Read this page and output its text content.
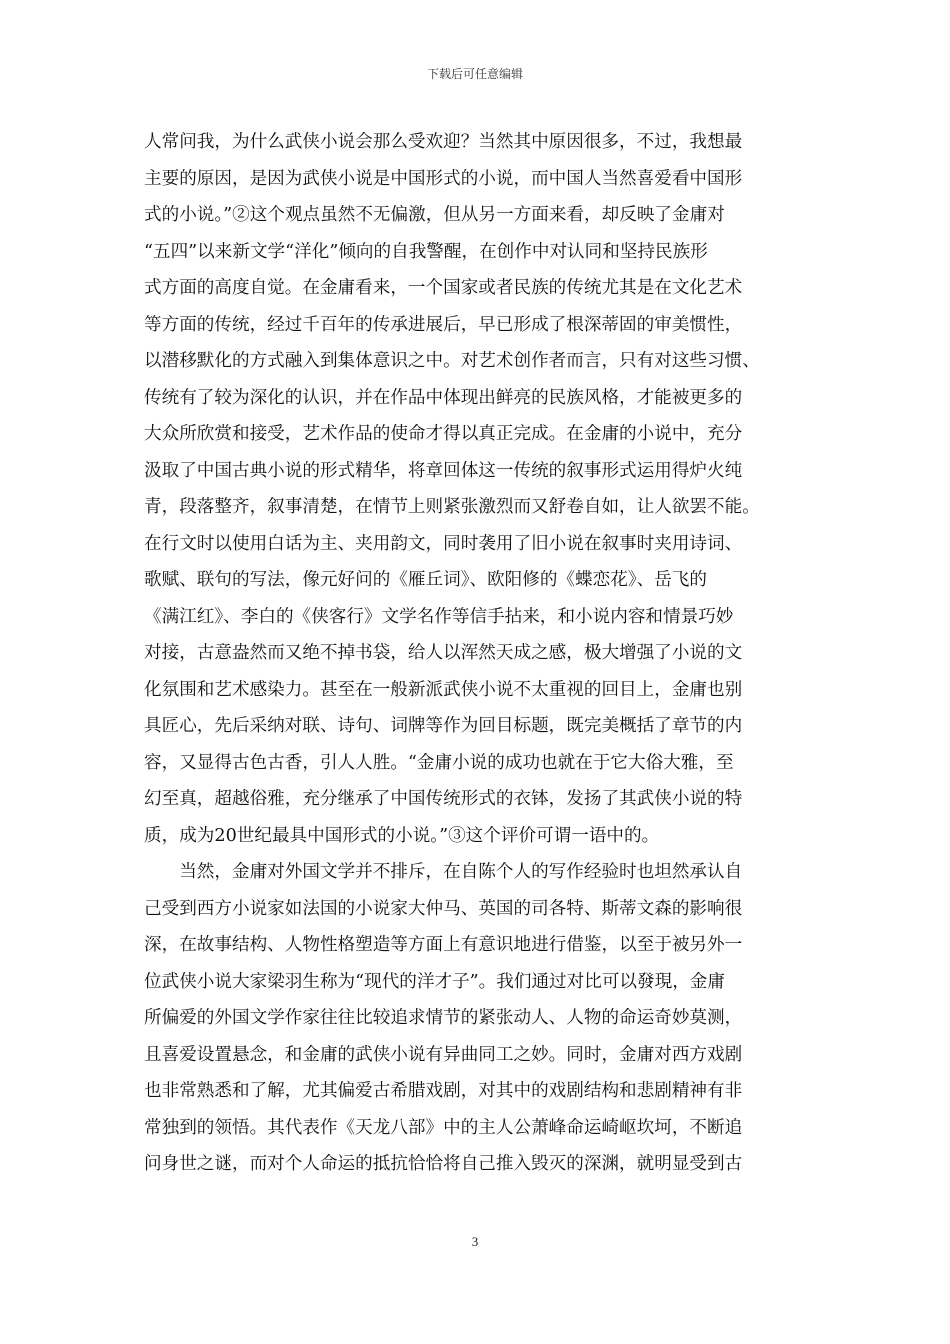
下载后可任意编辑
人常问我，为什么武侠小说会那么受欢迎？当然其中原因很多，不过，我想最
主要的原因，是因为武侠小说是中国形式的小说，而中国人当然喜爱看中国形
式的小说。”②这个观点虽然不无偏激，但从另一方面来看，却反映了金庸对
“五四”以来新文学“洋化”倾向的自我警醒，在创作中对认同和坚持民族形
式方面的高度自觉。在金庸看来，一个国家或者民族的传统尤其是在文化艺术
等方面的传统，经过千百年的传承进展后，早已形成了根深蒂固的审美惯性，
以潜移默化的方式融入到集体意识之中。对艺术创作者而言，只有对这些习惯、
传统有了较为深化的认识，并在作品中体现出鲜亮的民族风格，才能被更多的
大众所欣赏和接受，艺术作品的使命才得以真正完成。在金庸的小说中，充分
汲取了中国古典小说的形式精华，将章回体这一传统的叙事形式运用得炉火纯
青，段落整齐，叙事清楚，在情节上则紧张激烈而又舒卷自如，让人欲罢不能。
在行文时以使用白话为主、夹用韵文，同时袭用了旧小说在叙事时夹用诗词、
歌赋、联句的写法，像元好问的《雁丘词》、欧阳修的《蝶恋花》、岳飞的
《满江红》、李白的《侠客行》文学名作等信手拈来，和小说内容和情景巧妙
对接，古意盎然而又绝不掉书袋，给人以浑然天成之感，极大增强了小说的文
化氛围和艺术感染力。甚至在一般新派武侠小说不太重视的回目上，金庸也别
具匠心，先后采纳对联、诗句、词牌等作为回目标题，既完美概括了章节的内
容，又显得古色古香，引人人胜。“金庸小说的成功也就在于它大俗大雅，至
幻至真，超越俗雅，充分继承了中国传统形式的衣钵，发扬了其武侠小说的特
质，成为20世纪最具中国形式的小说。”③这个评价可谓一语中的。
　　当然，金庸对外国文学并不排斥，在自陈个人的写作经验时也坦然承认自
己受到西方小说家如法国的小说家大仲马、英国的司各特、斯蒂文森的影响很
深，在故事结构、人物性格塑造等方面上有意识地进行借鉴，以至于被另外一
位武侠小说大家梁羽生称为“现代的洋才子”。我们通过对比可以發現，金庸
所偏爱的外国文学作家往往比较追求情节的紧张动人、人物的命运奇妙莫测，
且喜爱设置悬念，和金庸的武侠小说有异曲同工之妙。同时，金庸对西方戏剧
也非常熟悉和了解，尤其偏爱古希腊戏剧，对其中的戏剧结构和悲剧精神有非
常独到的领悟。其代表作《天龙八部》中的主人公萧峰命运崎岖坎坷，不断追
问身世之谜，而对个人命运的抵抗恰恰将自己推入毁灭的深渊，就明显受到古
3
